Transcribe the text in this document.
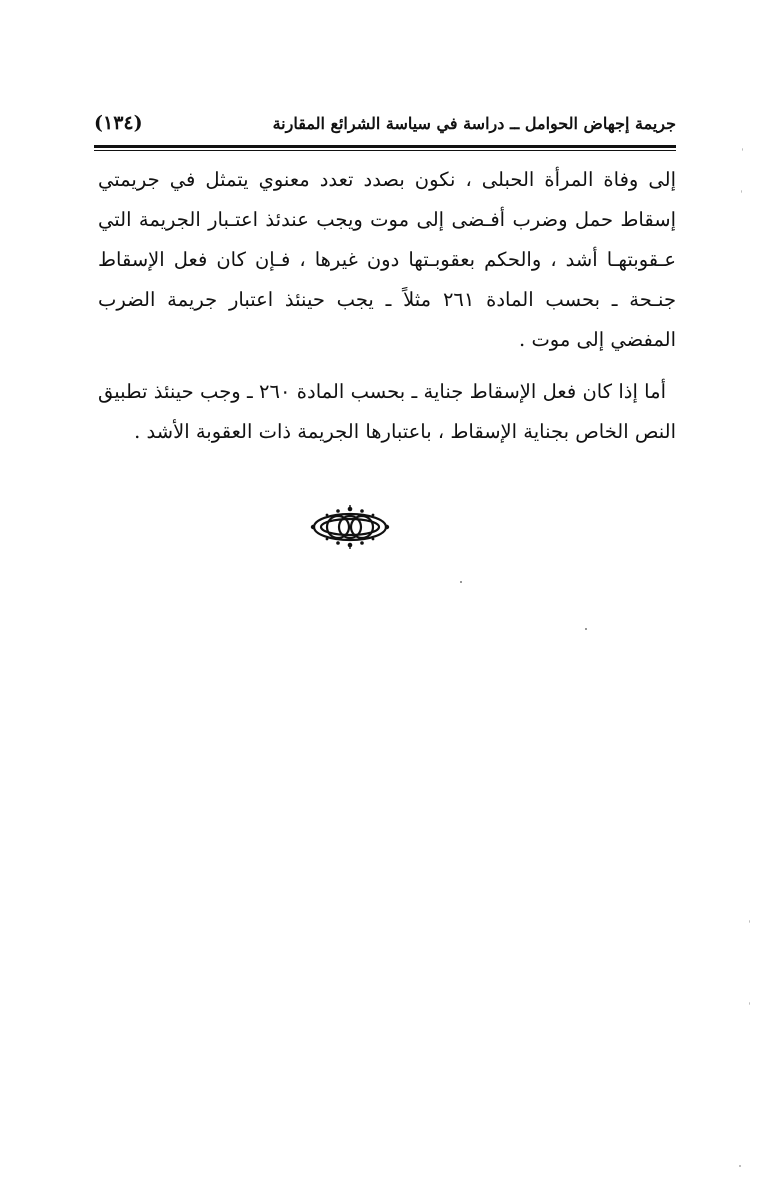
جريمة إجهاض الحوامل ــ دراسة في سياسة الشرائع المقارنة
(١٣٤)

إلى وفاة المرأة الحبلى ، نكون بصدد تعدد معنوي يتمثل في جريمتي إسقاط حمل وضرب أفـضى إلى موت ويجب عندئذ اعتـبار الجريمة التي عـقوبتهـا أشد ، والحكم بعقوبـتها دون غيرها ، فـإن كان فعل الإسقاط جنـحة ـ بحسب المادة ٢٦١ مثلاً ـ يجب حينئذ اعتبار جريمة الضرب المفضي إلى موت .

أما إذا كان فعل الإسقاط جناية ـ بحسب المادة ٢٦٠ ـ وجب حينئذ تطبيق النص الخاص بجناية الإسقاط ، باعتبارها الجريمة ذات العقوبة الأشد .
